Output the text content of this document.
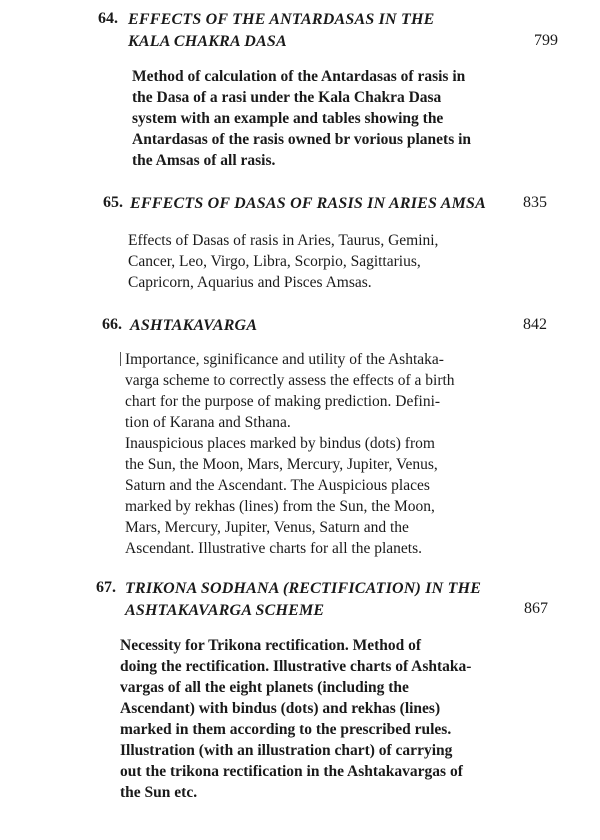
64. EFFECTS OF THE ANTARDASAS IN THE
KALA CHAKRA DASA	799
Method of calculation of the Antardasas of rasis in
the Dasa of a rasi under the Kala Chakra Dasa
system with an example and tables showing the
Antardasas of the rasis owned br vorious planets in
the Amsas of all rasis.
65. EFFECTS OF DASAS OF RASIS IN ARIES AMSA 835
Effects of Dasas of rasis in Aries, Taurus, Gemini,
Cancer, Leo, Virgo, Libra, Scorpio, Sagittarius,
Capricorn, Aquarius and Pisces Amsas.
66. ASHTAKAVARGA	842
Importance, sginificance and utility of the Ashtaka-
varga scheme to correctly assess the effects of a birth
chart for the purpose of making prediction. Defini-
tion of Karana and Sthana.
Inauspicious places marked by bindus (dots) from
the Sun, the Moon, Mars, Mercury, Jupiter, Venus,
Saturn and the Ascendant. The Auspicious places
marked by rekhas (lines) from the Sun, the Moon,
Mars, Mercury, Jupiter, Venus, Saturn and the
Ascendant. Illustrative charts for all the planets.
67. TRIKONA SODHANA (RECTIFICATION) IN THE
ASHTAKAVARGA SCHEME	867
Necessity for Trikona rectification. Method of
doing the rectification. Illustrative charts of Ashtaka-
vargas of all the eight planets (including the
Ascendant) with bindus (dots) and rekhas (lines)
marked in them according to the prescribed rules.
Illustration (with an illustration chart) of carrying
out the trikona rectification in the Ashtakavargas of
the Sun etc.
